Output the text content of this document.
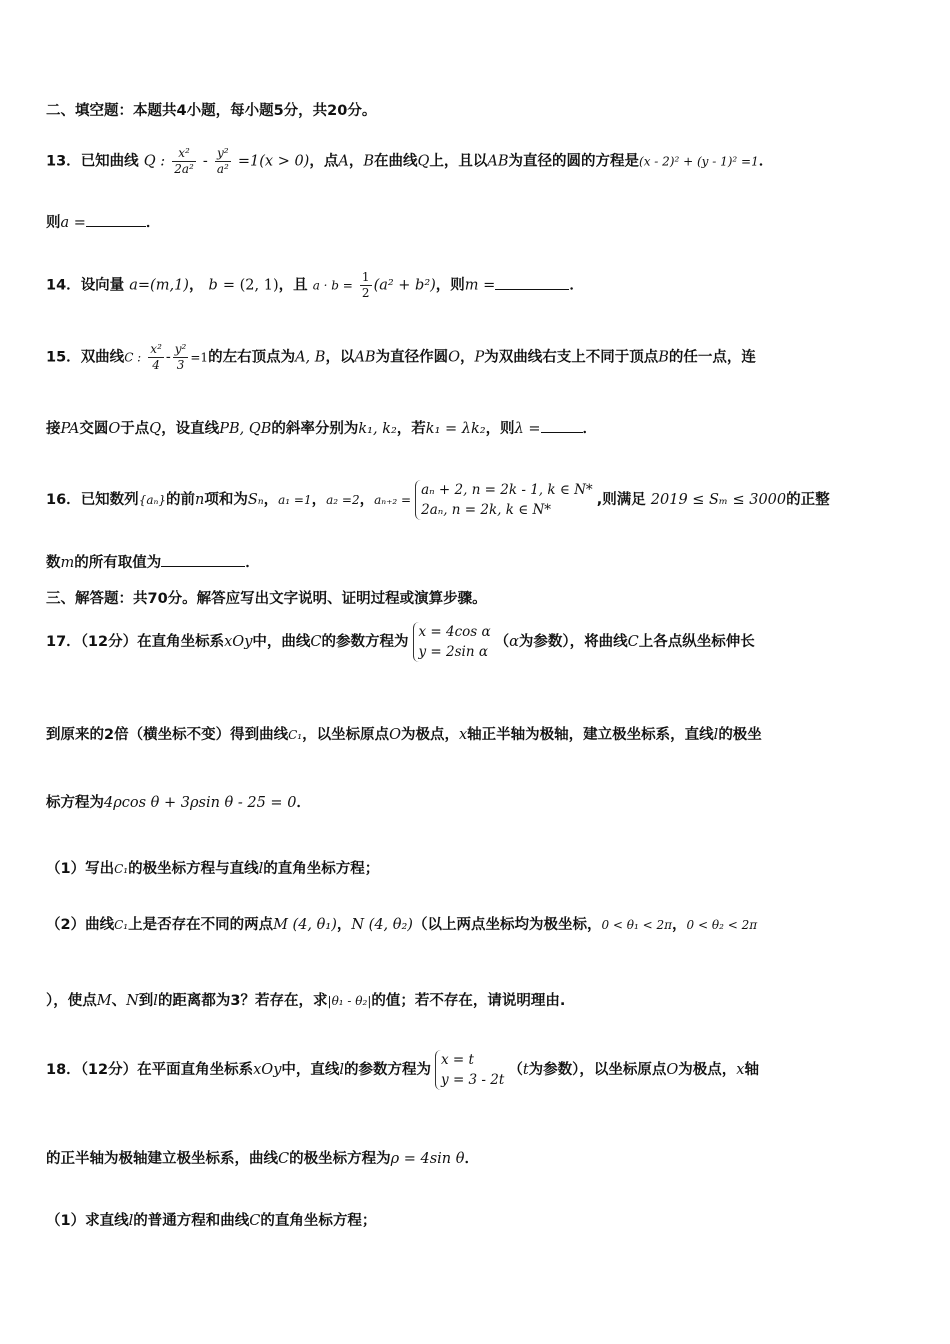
二、填空题：本题共4小题，每小题5分，共20分。
13．已知曲线 Q : $\frac{\text{x²}}{\text{2a²}} - \frac{\text{y²}}{\text{a²}} =1(x > 0)$，点A，B在曲线Q上，且以AB为直径的圆的方程是(x - 2)² + (y - 1)² =1．
则a =	．
14．设向量 a=(m,1)， b = (2, 1)，且 $a \cdot b = \frac{1}{2} (a^2 + b^2)$，则m =	．
15．双曲线C : $\frac{\text{x²}}{4} - \frac{\text{y²}}{3} =1$的左右顶点为A, B，以AB为直径作圆O，P为双曲线右支上不同于顶点B的任一点，连
接PA交圆O于点Q，设直线PB, QB的斜率分别为k₁, k₂，若k₁ = λk₂，则λ =	．
16．已知数列{aₙ}的前n项和为Sₙ，a₁ =1，a₂ =2，aₙ₊₂ =
aₙ + 2, n = 2k - 1, k ∈ N*
2aₙ, n = 2k, k ∈ N*
,则满足 2019 ≤ Sₘ ≤ 3000的正整
数m的所有取值为	．
三、解答题：共70分。解答应写出文字说明、证明过程或演算步骤。
17．（12分）在直角坐标系xOy中，曲线C的参数方程为
x = 4cos α
y = 2sin α
（α为参数），将曲线C上各点纵坐标伸长
到原来的2倍（横坐标不变）得到曲线C₁，以坐标原点O为极点，x轴正半轴为极轴，建立极坐标系，直线l的极坐
标方程为4ρcos θ + 3ρsin θ - 25 = 0．
（1）写出C₁的极坐标方程与直线l的直角坐标方程；
（2）曲线C₁上是否存在不同的两点M (4, θ₁)，N (4, θ₂)（以上两点坐标均为极坐标，0 < θ₁ < 2π，0 < θ₂ < 2π
），使点M、N到l的距离都为3？若存在，求|θ₁ - θ₂|的值；若不存在，请说明理由.
18．（12分）在平面直角坐标系xOy中，直线l的参数方程为
x = t
y = 3 - 2t
（t为参数），以坐标原点O为极点，x轴
的正半轴为极轴建立极坐标系，曲线C的极坐标方程为ρ = 4sin θ．
（1）求直线l的普通方程和曲线C的直角坐标方程；
